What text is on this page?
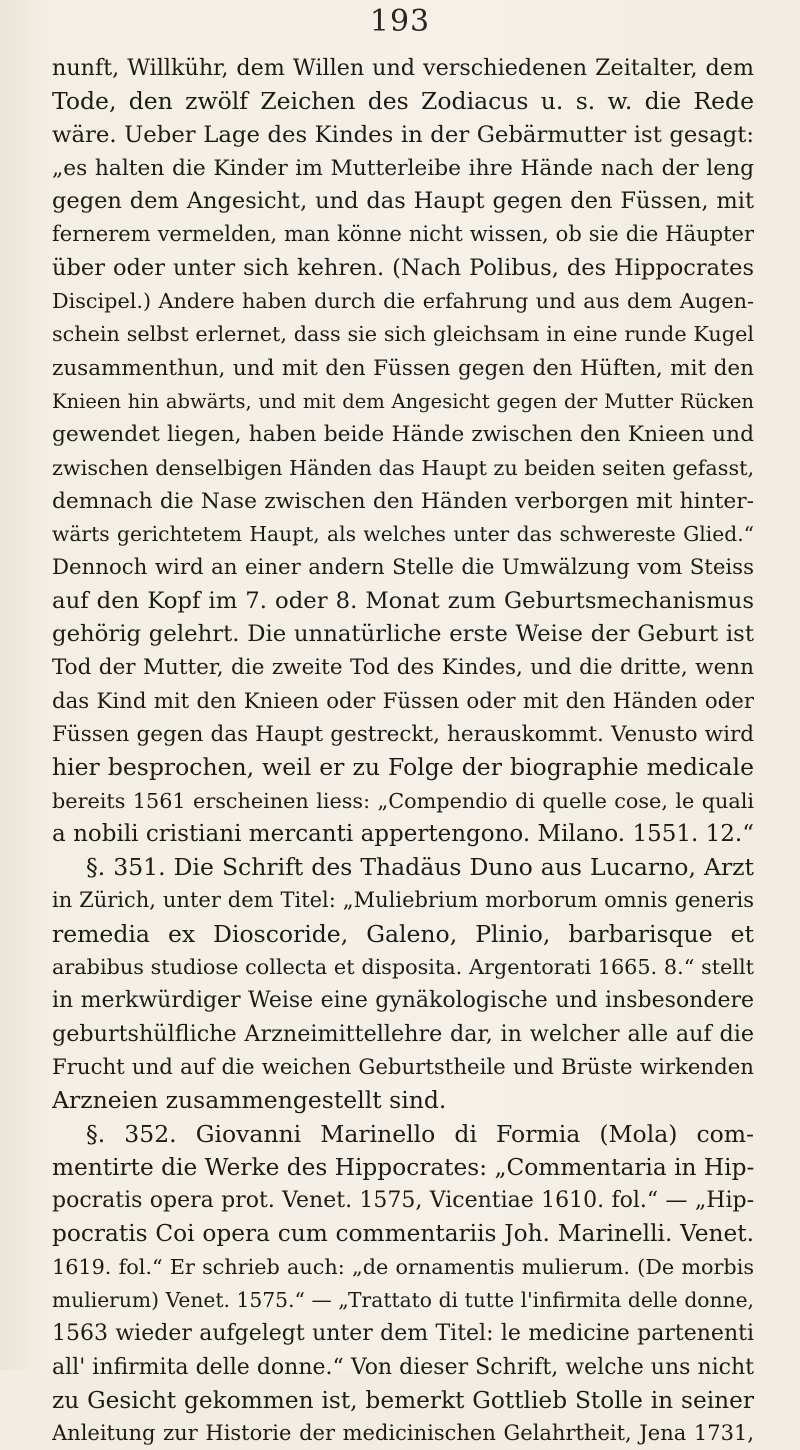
193
nunft, Willkühr, dem Willen und verschiedenen Zeitalter, dem
Tode, den zwölf Zeichen des Zodiacus u. s. w. die Rede
wäre. Ueber Lage des Kindes in der Gebärmutter ist gesagt:
„es halten die Kinder im Mutterleibe ihre Hände nach der leng
gegen dem Angesicht, und das Haupt gegen den Füssen, mit
fernerem vermelden, man könne nicht wissen, ob sie die Häupter
über oder unter sich kehren. (Nach Polibus, des Hippocrates
Discipel.) Andere haben durch die erfahrung und aus dem Augen-
schein selbst erlernet, dass sie sich gleichsam in eine runde Kugel
zusammenthun, und mit den Füssen gegen den Hüften, mit den
Knieen hin abwärts, und mit dem Angesicht gegen der Mutter Rücken
gewendet liegen, haben beide Hände zwischen den Knieen und
zwischen denselbigen Händen das Haupt zu beiden seiten gefasst,
demnach die Nase zwischen den Händen verborgen mit hinter-
wärts gerichtetem Haupt, als welches unter das schwereste Glied.“
Dennoch wird an einer andern Stelle die Umwälzung vom Steiss
auf den Kopf im 7. oder 8. Monat zum Geburtsmechanismus
gehörig gelehrt. Die unnatürliche erste Weise der Geburt ist
Tod der Mutter, die zweite Tod des Kindes, und die dritte, wenn
das Kind mit den Knieen oder Füssen oder mit den Händen oder
Füssen gegen das Haupt gestreckt, herauskommt. Venusto wird
hier besprochen, weil er zu Folge der biographie medicale
bereits 1561 erscheinen liess: „Compendio di quelle cose, le quali
a nobili cristiani mercanti appertengono. Milano. 1551. 12.“
§. 351. Die Schrift des Thadäus Duno aus Lucarno, Arzt
in Zürich, unter dem Titel: „Muliebrium morborum omnis generis
remedia ex Dioscoride, Galeno, Plinio, barbarisque et
arabibus studiose collecta et disposita. Argentorati 1665. 8.“ stellt
in merkwürdiger Weise eine gynäkologische und insbesondere
geburtshülfliche Arzneimittellehre dar, in welcher alle auf die
Frucht und auf die weichen Geburtstheile und Brüste wirkenden
Arzneien zusammengestellt sind.
§. 352. Giovanni Marinello di Formia (Mola) com-
mentirte die Werke des Hippocrates: „Commentaria in Hip-
pocratis opera prot. Venet. 1575, Vicentiae 1610. fol.“ — „Hip-
pocratis Coi opera cum commentariis Joh. Marinelli. Venet.
1619. fol.“ Er schrieb auch: „de ornamentis mulierum. (De morbis
mulierum) Venet. 1575.“ — „Trattato di tutte l'infirmita delle donne,
1563 wieder aufgelegt unter dem Titel: le medicine partenenti
all' infirmita delle donne.“ Von dieser Schrift, welche uns nicht
zu Gesicht gekommen ist, bemerkt Gottlieb Stolle in seiner
Anleitung zur Historie der medicinischen Gelahrtheit, Jena 1731,
